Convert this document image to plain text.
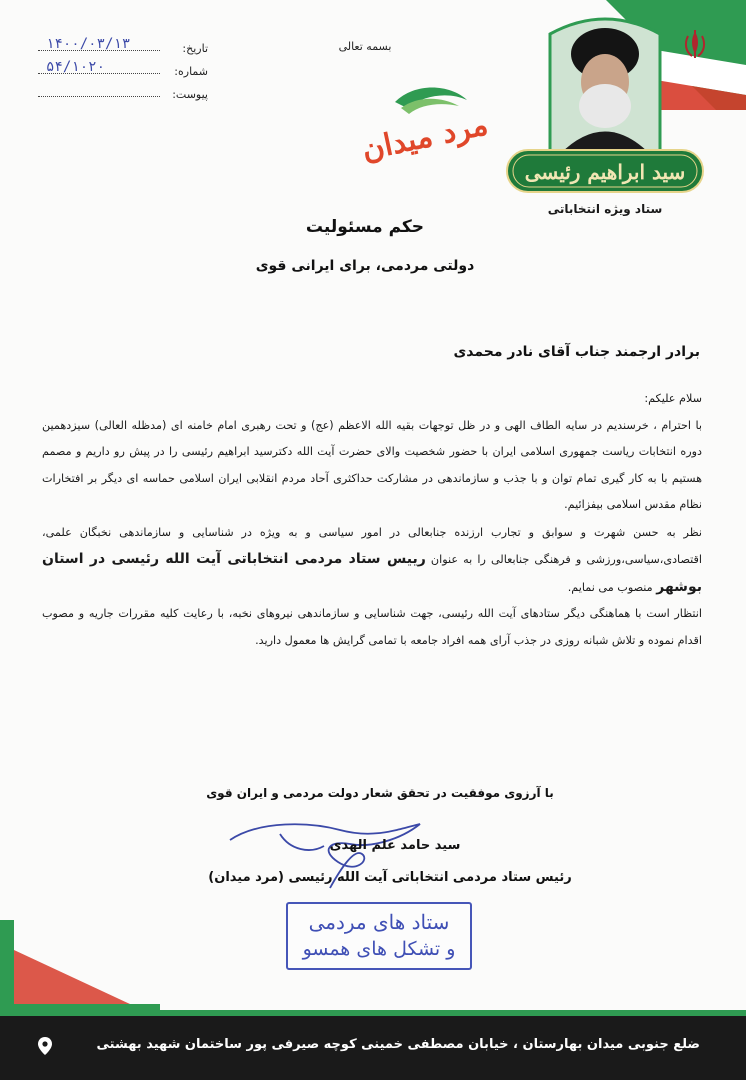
تاریخ:
۱۴۰۰/۰۳/۱۳
شماره:
۵۴/۱۰۲۰
پیوست:
بسمه تعالی
مرد میدان
سید ابراهیم رئیسی
ستاد ویژه انتخاباتی
حکم مسئولیت
دولتی مردمی، برای ایرانی قوی
برادر ارجمند جناب آقای نادر محمدی

سلام علیکم:

با احترام ، خرسندیم در سایه الطاف الهی و در ظل توجهات بقیه الله الاعظم (عج) و تحت رهبری امام خامنه ای (مدظله العالی) سیزدهمین دوره انتخابات ریاست جمهوری اسلامی ایران با حضور شخصیت والای حضرت آیت الله دکترسید ابراهیم رئیسی را در پیش رو داریم و مصمم هستیم با به کار گیری تمام توان و با جذب و سازماندهی در مشارکت حداکثری آحاد مردم انقلابی ایران اسلامی حماسه ای دیگر بر افتخارات نظام مقدس اسلامی بیفزائیم.

نظر به حسن شهرت و سوابق و تجارب ارزنده جنابعالی در امور سیاسی و به ویژه در شناسایی و سازماندهی نخبگان علمی، اقتصادی،سیاسی،ورزشی و فرهنگی جنابعالی را به عنوان رییس ستاد مردمی انتخاباتی آیت الله رئیسی در استان بوشهر منصوب می نمایم.

انتظار است با هماهنگی دیگر ستادهای آیت الله رئیسی، جهت شناسایی و سازماندهی نیروهای نخبه، با رعایت کلیه مقررات جاریه و مصوب اقدام نموده و تلاش شبانه روزی در جذب آرای همه افراد جامعه با تمامی گرایش ها معمول دارید.

با آرزوی موفقیت در تحقق شعار دولت مردمی و ایران قوی
سید حامد علم الهدی
رئیس ستاد مردمی انتخاباتی آیت الله رئیسی (مرد میدان)
ستاد های مردمی
و تشکل های همسو
ضلع جنوبی میدان بهارستان ، خیابان مصطفی خمینی کوچه صیرفی پور ساختمان شهید بهشتی
